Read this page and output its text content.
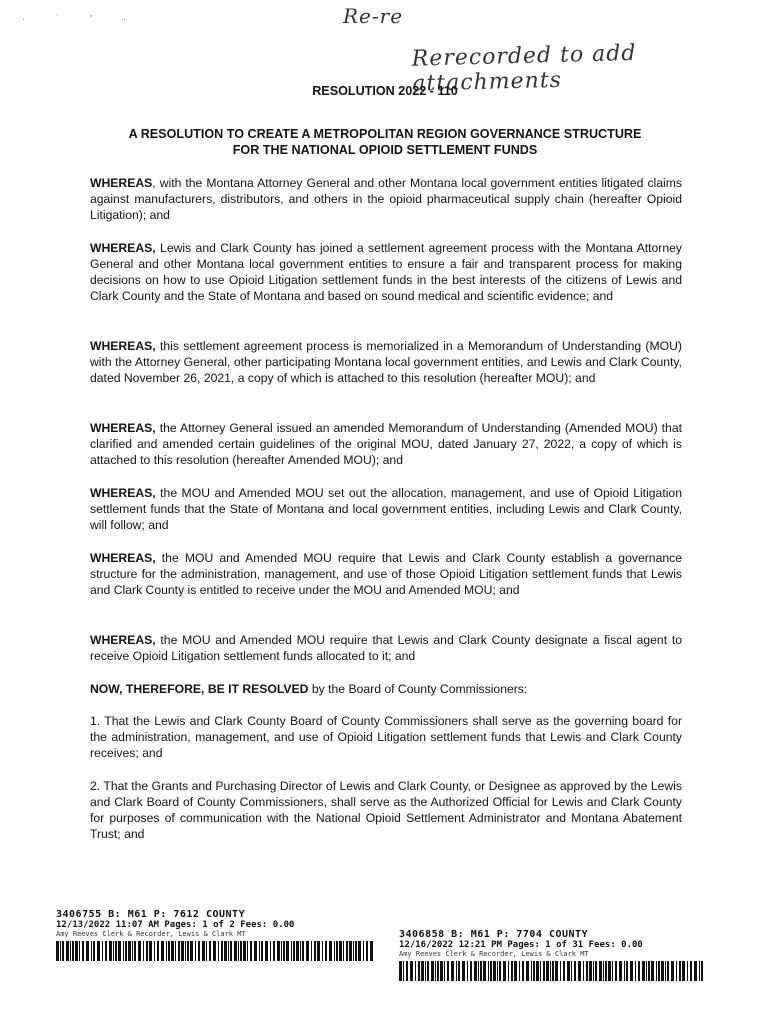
· ˙ ' ·	Re-re
Rerecorded to add attachments
RESOLUTION 2022 - 110
A RESOLUTION TO CREATE A METROPOLITAN REGION GOVERNANCE STRUCTURE
FOR THE NATIONAL OPIOID SETTLEMENT FUNDS
WHEREAS, with the Montana Attorney General and other Montana local government entities litigated claims against manufacturers, distributors, and others in the opioid pharmaceutical supply chain (hereafter Opioid Litigation); and
WHEREAS, Lewis and Clark County has joined a settlement agreement process with the Montana Attorney General and other Montana local government entities to ensure a fair and transparent process for making decisions on how to use Opioid Litigation settlement funds in the best interests of the citizens of Lewis and Clark County and the State of Montana and based on sound medical and scientific evidence; and
WHEREAS, this settlement agreement process is memorialized in a Memorandum of Understanding (MOU) with the Attorney General, other participating Montana local government entities, and Lewis and Clark County, dated November 26, 2021, a copy of which is attached to this resolution (hereafter MOU); and
WHEREAS, the Attorney General issued an amended Memorandum of Understanding (Amended MOU) that clarified and amended certain guidelines of the original MOU, dated January 27, 2022, a copy of which is attached to this resolution (hereafter Amended MOU); and
WHEREAS, the MOU and Amended MOU set out the allocation, management, and use of Opioid Litigation settlement funds that the State of Montana and local government entities, including Lewis and Clark County, will follow; and
WHEREAS, the MOU and Amended MOU require that Lewis and Clark County establish a governance structure for the administration, management, and use of those Opioid Litigation settlement funds that Lewis and Clark County is entitled to receive under the MOU and Amended MOU; and
WHEREAS, the MOU and Amended MOU require that Lewis and Clark County designate a fiscal agent to receive Opioid Litigation settlement funds allocated to it; and
NOW, THEREFORE, BE IT RESOLVED by the Board of County Commissioners:
1. That the Lewis and Clark County Board of County Commissioners shall serve as the governing board for the administration, management, and use of Opioid Litigation settlement funds that Lewis and Clark County receives; and
2. That the Grants and Purchasing Director of Lewis and Clark County, or Designee as approved by the Lewis and Clark Board of County Commissioners, shall serve as the Authorized Official for Lewis and Clark County for purposes of communication with the National Opioid Settlement Administrator and Montana Abatement Trust; and
3406755 B: M61 P: 7612 COUNTY
12/13/2022 11:07 AM Pages: 1 of 2 Fees: 0.00
Amy Reeves Clerk & Recorder, Lewis & Clark MT	3406858 B: M61 P: 7704 COUNTY
12/16/2022 12:21 PM Pages: 1 of 31 Fees: 0.00
Amy Reeves Clerk & Recorder, Lewis & Clark MT
